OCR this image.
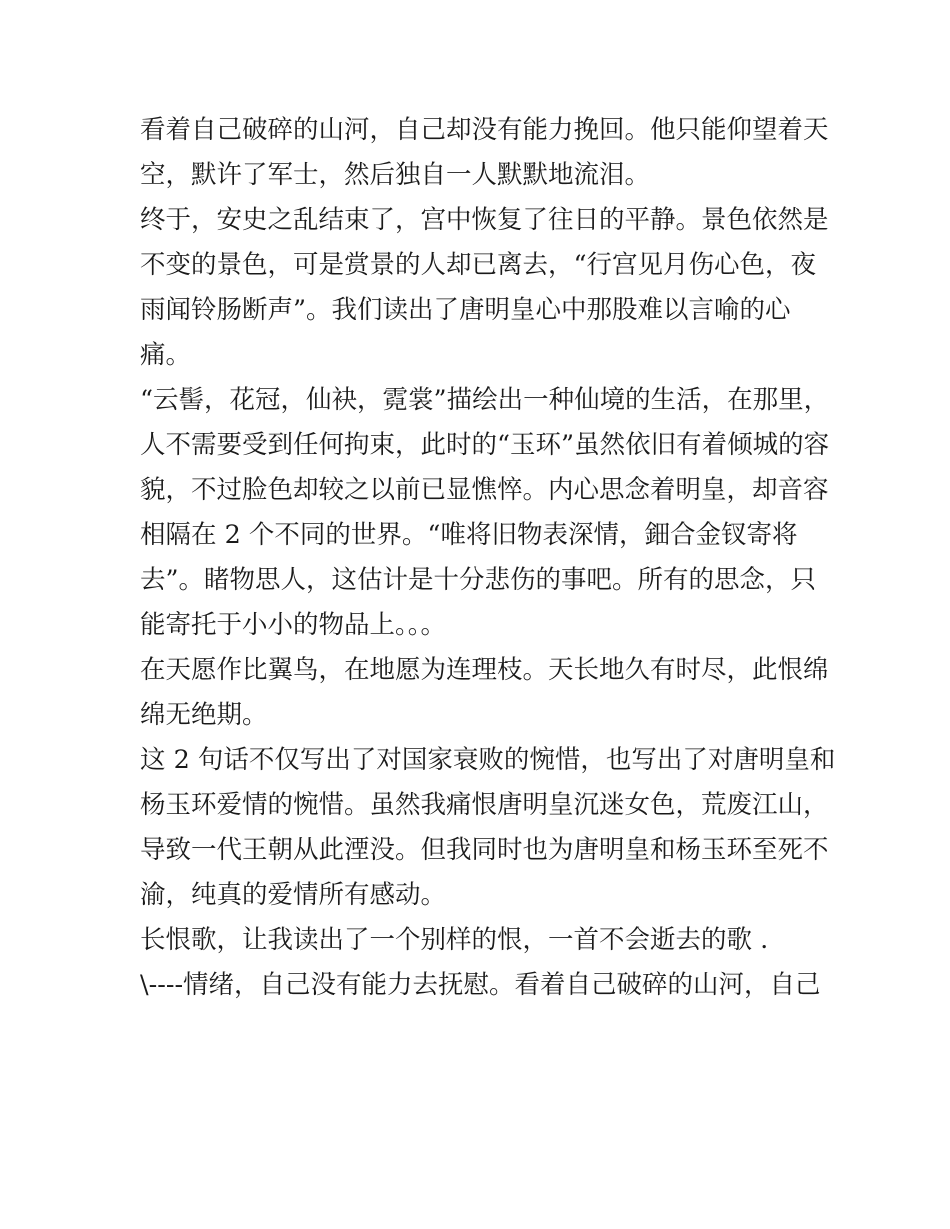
看着自己破碎的山河，自己却没有能力挽回。他只能仰望着天
空，默许了军士，然后独自一人默默地流泪。
终于，安史之乱结束了，宫中恢复了往日的平静。景色依然是
不变的景色，可是赏景的人却已离去，“行宫见月伤心色，夜
雨闻铃肠断声”。我们读出了唐明皇心中那股难以言喻的心
痛。
“云髻，花冠，仙袂，霓裳”描绘出一种仙境的生活，在那里，
人不需要受到任何拘束，此时的“玉环”虽然依旧有着倾城的容
貌，不过脸色却较之以前已显憔悴。内心思念着明皇，却音容
相隔在 2 个不同的世界。“唯将旧物表深情，鈿合金钗寄将
去”。睹物思人，这估计是十分悲伤的事吧。所有的思念，只
能寄托于小小的物品上。。。
在天愿作比翼鸟，在地愿为连理枝。天长地久有时尽，此恨绵
绵无绝期。
这 2 句话不仅写出了对国家衰败的惋惜，也写出了对唐明皇和
杨玉环爱情的惋惜。虽然我痛恨唐明皇沉迷女色，荒废江山，
导致一代王朝从此湮没。但我同时也为唐明皇和杨玉环至死不
渝，纯真的爱情所有感动。
长恨歌，让我读出了一个别样的恨，一首不会逝去的歌 .
\----情绪，自己没有能力去抚慰。看着自己破碎的山河，自己
